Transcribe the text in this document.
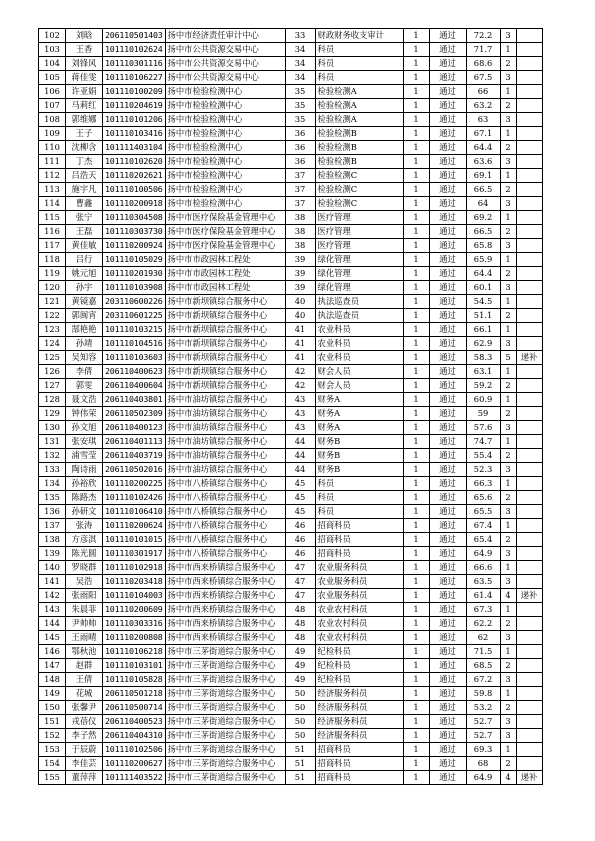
102	刘晗	206110501403	扬中市经济责任审计中心	33	财政财务收支审计	1	通过	72.2	3	
103	王香	101110102624	扬中市公共资源交易中心	34	科员	1	通过	71.7	1	
104	刘锋风	101110301116	扬中市公共资源交易中心	34	科员	1	通过	68.6	2	
105	蒋佳雯	101110106227	扬中市公共资源交易中心	34	科员	1	通过	67.5	3	
106	许亚娟	101110100209	扬中市检验检测中心	35	检验检测A	1	通过	66	1	
107	马莉红	101110204619	扬中市检验检测中心	35	检验检测A	1	通过	63.2	2	
108	郭维娜	101110101206	扬中市检验检测中心	35	检验检测A	1	通过	63	3	
109	王子	101110103416	扬中市检验检测中心	36	检验检测B	1	通过	67.1	1	
110	沈柳含	101111403104	扬中市检验检测中心	36	检验检测B	1	通过	64.4	2	
111	丁杰	101110102620	扬中市检验检测中心	36	检验检测B	1	通过	63.6	3	
112	吕浩天	101110202621	扬中市检验检测中心	37	检验检测C	1	通过	69.1	1	
113	施宇凡	101110100506	扬中市检验检测中心	37	检验检测C	1	通过	66.5	2	
114	曹鑫	101110200918	扬中市检验检测中心	37	检验检测C	1	通过	64	3	
115	张宁	101110304508	扬中市医疗保险基金管理中心	38	医疗管理	1	通过	69.2	1	
116	王磊	101110303730	扬中市医疗保险基金管理中心	38	医疗管理	1	通过	66.5	2	
117	黄佳敏	101110200924	扬中市医疗保险基金管理中心	38	医疗管理	1	通过	65.8	3	
118	吕行	101110105029	扬中市市政园林工程处	39	绿化管理	1	通过	65.9	1	
119	姚元旭	101110201930	扬中市市政园林工程处	39	绿化管理	1	通过	64.4	2	
120	孙宇	101110103908	扬中市市政园林工程处	39	绿化管理	1	通过	60.1	3	
121	黄镜嘉	203110600226	扬中市新坝镇综合服务中心	40	执法巡查员	1	通过	54.5	1	
122	郭闽宵	203110601225	扬中市新坝镇综合服务中心	40	执法巡查员	1	通过	51.1	2	
123	郜艳艳	101110103215	扬中市新坝镇综合服务中心	41	农业科员	1	通过	66.1	1	
124	孙靖	101110104516	扬中市新坝镇综合服务中心	41	农业科员	1	通过	62.9	3	
125	吴知容	101110103603	扬中市新坝镇综合服务中心	41	农业科员	1	通过	58.3	5	递补
126	李倩	206110400623	扬中市新坝镇综合服务中心	42	财会人员	1	通过	63.1	1	
127	郭雯	206110400604	扬中市新坝镇综合服务中心	42	财会人员	1	通过	59.2	2	
128	聂文浩	206110403801	扬中市油坊镇综合服务中心	43	财务A	1	通过	60.9	1	
129	钟伟荣	206110502309	扬中市油坊镇综合服务中心	43	财务A	1	通过	59	2	
130	孙文旭	206110400123	扬中市油坊镇综合服务中心	43	财务A	1	通过	57.6	3	
131	张安琪	206110401113	扬中市油坊镇综合服务中心	44	财务B	1	通过	74.7	1	
132	浦雪莹	206110403719	扬中市油坊镇综合服务中心	44	财务B	1	通过	55.4	2	
133	陶诗雨	206110502016	扬中市油坊镇综合服务中心	44	财务B	1	通过	52.3	3	
134	孙裕欣	101110200225	扬中市八桥镇综合服务中心	45	科员	1	通过	66.3	1	
135	陈路杰	101110102426	扬中市八桥镇综合服务中心	45	科员	1	通过	65.6	2	
136	孙研文	101110106410	扬中市八桥镇综合服务中心	45	科员	1	通过	65.5	3	
137	张涛	101110200624	扬中市八桥镇综合服务中心	46	招商科员	1	通过	67.4	1	
138	方彦淇	101110101015	扬中市八桥镇综合服务中心	46	招商科员	1	通过	65.4	2	
139	陈光圆	101110301917	扬中市八桥镇综合服务中心	46	招商科员	1	通过	64.9	3	
140	罗晓群	101110102918	扬中市西来桥镇综合服务中心	47	农业服务科员	1	通过	66.6	1	
141	吴浩	101110203418	扬中市西来桥镇综合服务中心	47	农业服务科员	1	通过	63.5	3	
142	张雨阳	101110104003	扬中市西来桥镇综合服务中心	47	农业服务科员	1	通过	61.4	4	递补
143	朱晨菲	101110200609	扬中市西来桥镇综合服务中心	48	农业农村科员	1	通过	67.3	1	
144	尹帅帅	101110303316	扬中市西来桥镇综合服务中心	48	农业农村科员	1	通过	62.2	2	
145	王雨晴	101110200808	扬中市西来桥镇综合服务中心	48	农业农村科员	1	通过	62	3	
146	鄂秋池	101110106218	扬中市三茅街道综合服务中心	49	纪检科员	1	通过	71.5	1	
147	赵群	101110103101	扬中市三茅街道综合服务中心	49	纪检科员	1	通过	68.5	2	
148	王倩	101110105828	扬中市三茅街道综合服务中心	49	纪检科员	1	通过	67.2	3	
149	花城	206110501218	扬中市三茅街道综合服务中心	50	经济服务科员	1	通过	59.8	1	
150	张馨尹	206110500714	扬中市三茅街道综合服务中心	50	经济服务科员	1	通过	53.2	2	
151	戎蓓仪	206110400523	扬中市三茅街道综合服务中心	50	经济服务科员	1	通过	52.7	3	
152	李子然	206110404310	扬中市三茅街道综合服务中心	50	经济服务科员	1	通过	52.7	3	
153	于辰蔚	101110102506	扬中市三茅街道综合服务中心	51	招商科员	1	通过	69.3	1	
154	李佳芸	101110200627	扬中市三茅街道综合服务中心	51	招商科员	1	通过	68	2	
155	董萍萍	101111403522	扬中市三茅街道综合服务中心	51	招商科员	1	通过	64.9	4	递补
